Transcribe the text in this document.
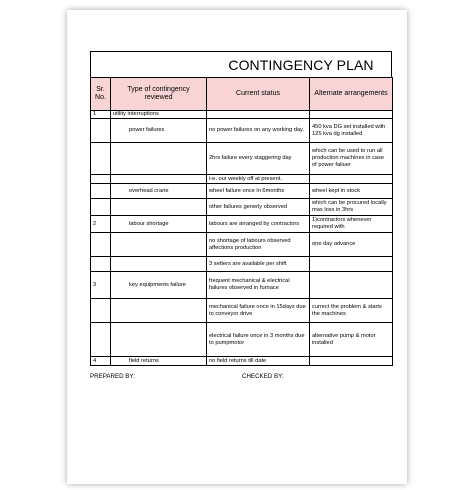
CONTINGENCY PLAN
Sr. No.	Type of contingency reviewed	Current status	Alternate arrangements
1	utility interruptions		
	power failures	no power failures on any working day.	450 kva DG set installed with 125 kva dg installed
		2hrs failure every staggering day	which can be used to run all production machines in case of power failuer
		i-e. our weekly off at present.	
	overhead crane	wheel failure once in 6months	wheel kept in stock
		other failures generly observed	which can be procured locally max loss in 3hrs
2	labour shortage	labours are arranged by contractors	1)contractors whenever required with
		no shortage of labours observed affections production	one day advance
		3 setters are available per shift	
3	key equipments failure	frequent mechanical & electrical failures observed in furnace	
		mechanical failure once in 15days due to conveyor drive	currect the problem & starts the machines
		electrical failure once in 3 months due to pumpmotor	alternative pump & motor installed
4	field returns	no field returns till date	
PREPARED BY:	CHECKED BY:
